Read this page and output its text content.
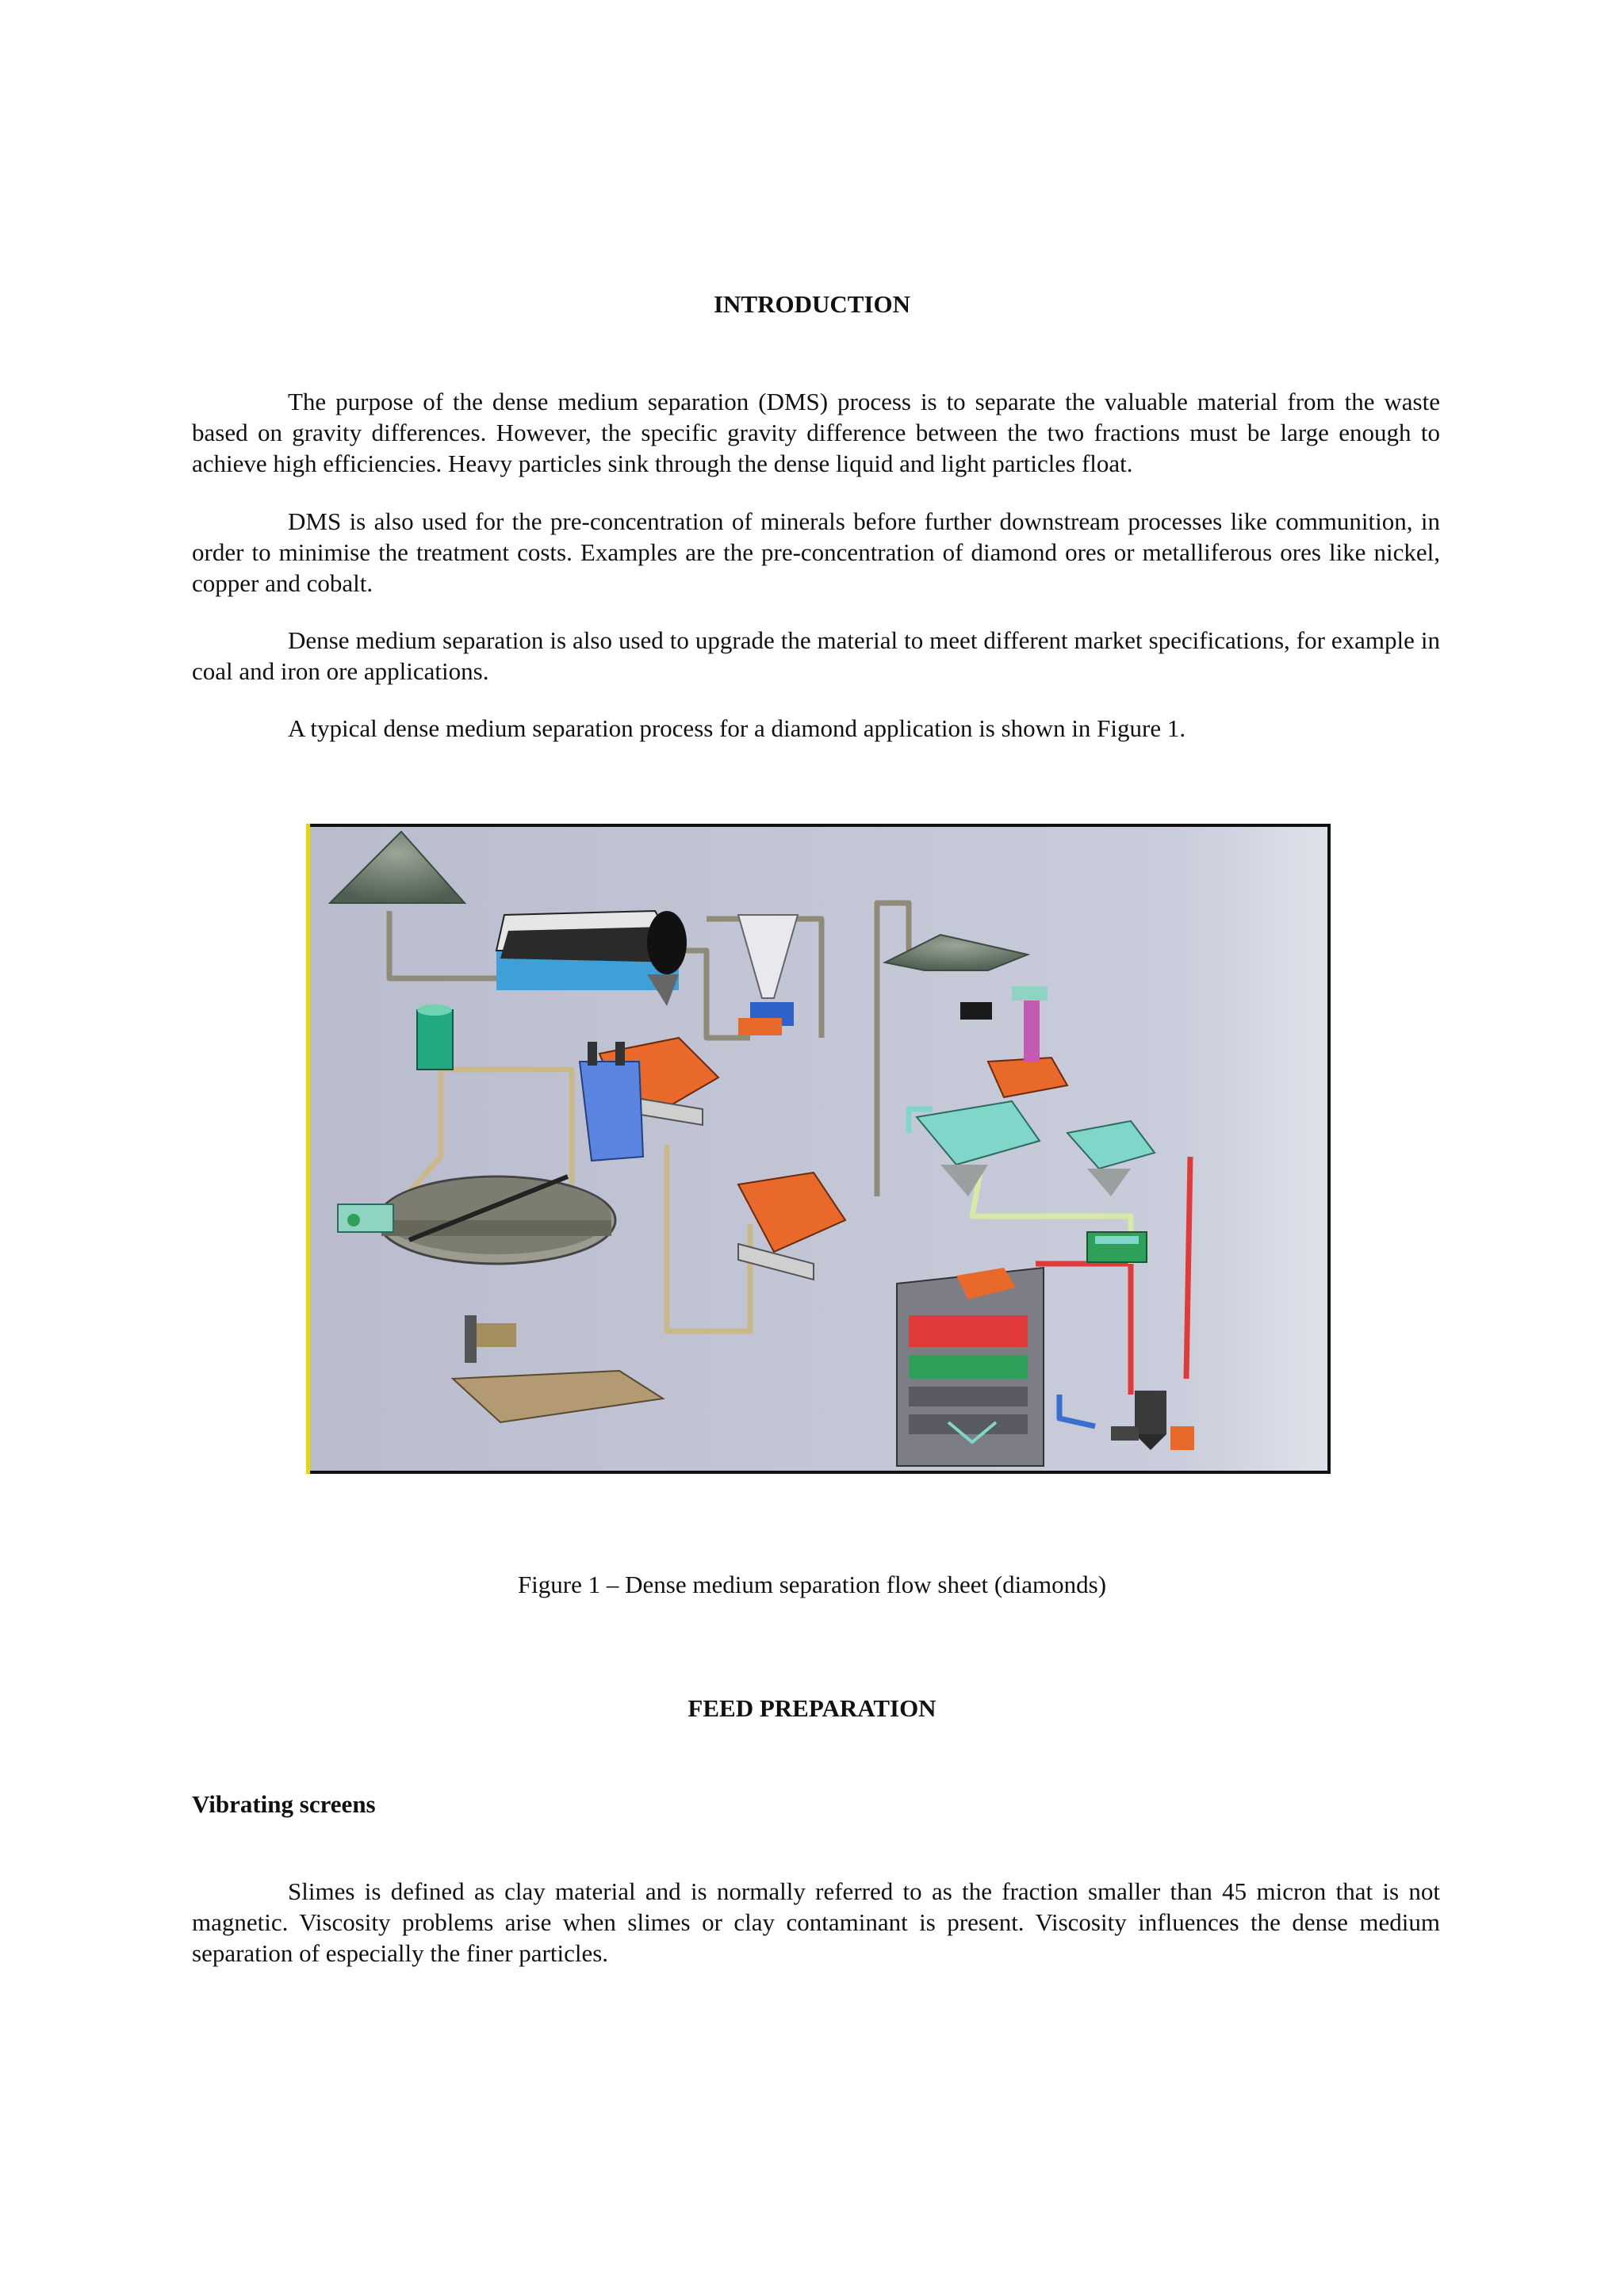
INTRODUCTION

The purpose of the dense medium separation (DMS) process is to separate the valuable material from the waste based on gravity differences. However, the specific gravity difference between the two fractions must be large enough to achieve high efficiencies. Heavy particles sink through the dense liquid and light particles float.

DMS is also used for the pre-concentration of minerals before further downstream processes like communition, in order to minimise the treatment costs. Examples are the pre-concentration of diamond ores or metalliferous ores like nickel, copper and cobalt.

Dense medium separation is also used to upgrade the material to meet different market specifications, for example in coal and iron ore applications.

A typical dense medium separation process for a diamond application is shown in Figure 1.

Figure 1 – Dense medium separation flow sheet (diamonds)
FEED PREPARATION
Vibrating screens

Slimes is defined as clay material and is normally referred to as the fraction smaller than 45 micron that is not magnetic. Viscosity problems arise when slimes or clay contaminant is present. Viscosity influences the dense medium separation of especially the finer particles.
